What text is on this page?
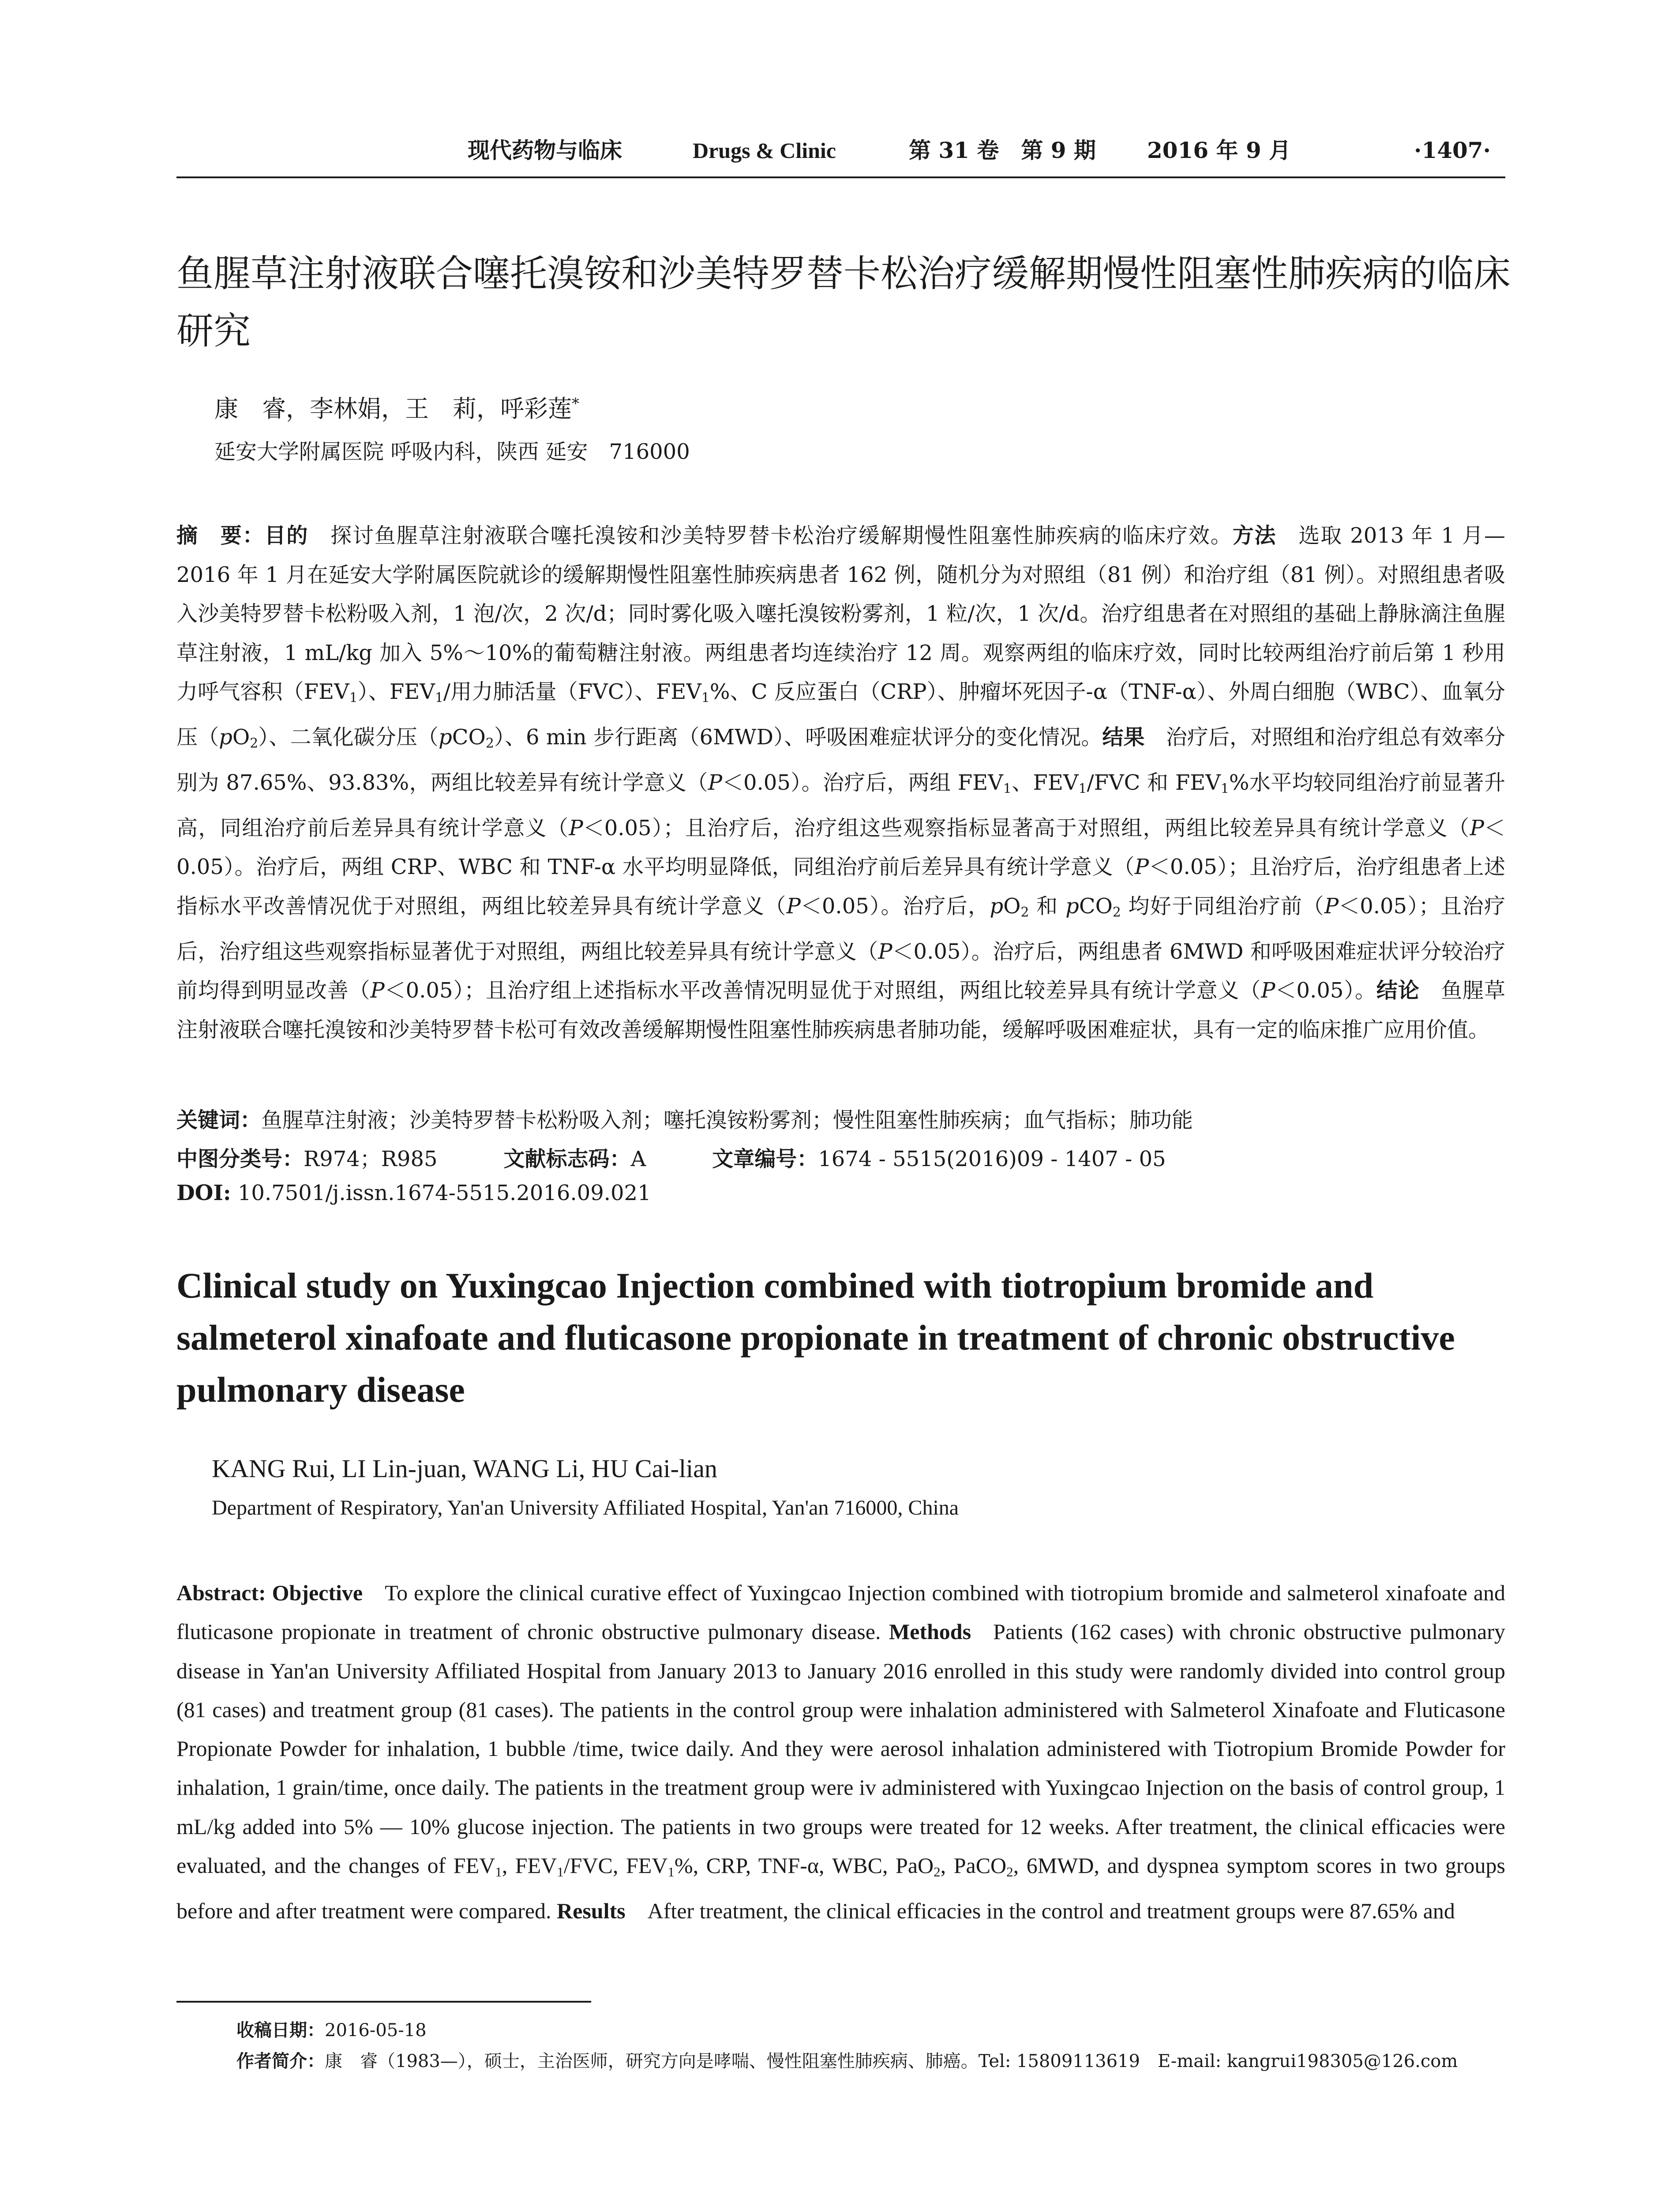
现代药物与临床	Drugs & Clinic	第 31 卷　第 9 期 2016 年 9 月	·1407·
鱼腥草注射液联合噻托溴铵和沙美特罗替卡松治疗缓解期慢性阻塞性肺疾病的临床研究
康　睿，李林娟，王　莉，呼彩莲*
延安大学附属医院 呼吸内科，陕西 延安　716000

摘　要：目的　 探讨鱼腥草注射液联合噻托溴铵和沙美特罗替卡松治疗缓解期慢性阻塞性肺疾病的临床疗效。方法　 选取 2013 年 1 月—2016 年 1 月在延安大学附属医院就诊的缓解期慢性阻塞性肺疾病患者 162 例，随机分为对照组（81 例）和治疗组（81 例）。对照组患者吸入沙美特罗替卡松粉吸入剂，1 泡/次，2 次/d；同时雾化吸入噻托溴铵粉雾剂，1 粒/次，1 次/d。治疗组患者在对照组的基础上静脉滴注鱼腥草注射液，1 mL/kg 加入 5%～10%的葡萄糖注射液。两组患者均连续治疗 12 周。观察两组的临床疗效，同时比较两组治疗前后第 1 秒用力呼气容积$(FEV_1)$、$FEV_1/$用力肺活量（FVC）、$FEV_1\%$、C 反应蛋白（CRP）、肿瘤坏死因子-α（TNF-α）、外周白细胞（WBC）、血氧分压$(pO_2)$、二氧化碳分压（pCO$_2$）、6 min 步行距离（6MWD）、呼吸困难症状评分的变化情况。结果　 治疗后，对照组和治疗组总有效率分别为 87.65%、93.83%，两组比较差异有统计学意义（P＜0.05）。治疗后，两组 $FEV_1$、$FEV_1$/FVC 和 $FEV_1\%$水平均较同组治疗前显著升高，同组治疗前后差异具有统计学意义（P＜0.05）；且治疗后，治疗组这些观察指标显著高于对照组，两组比较差异具有统计学意义（P＜0.05）。治疗后，两组 CRP、WBC 和 TNF-α 水平均明显降低，同组治疗前后差异具有统计学意义（P＜0.05）；且治疗后，治疗组患者上述指标水平改善情况优于对照组，两组比较差异具有统计学意义（P＜0.05）。治疗后，$pO_2$ 和 pCO$_2$ 均好于同组治疗前（P＜0.05）；且治疗后，治疗组这些观察指标显著优于对照组，两组比较差异具有统计学意义（P＜0.05）。治疗后，两组患者 6MWD 和呼吸困难症状评分较治疗前均得到明显改善（P＜0.05）；且治疗组上述指标水平改善情况明显优于对照组，两组比较差异具有统计学意义（P＜0.05）。结论　 鱼腥草注射液联合噻托溴铵和沙美特罗替卡松可有效改善缓解期慢性阻塞性肺疾病患者肺功能，缓解呼吸困难症状，具有一定的临床推广应用价值。

关键词：鱼腥草注射液；沙美特罗替卡松粉吸入剂；噻托溴铵粉雾剂；慢性阻塞性肺疾病；血气指标；肺功能
中图分类号：R974；R985	文献标志码：A	文章编号：1674 - 5515(2016)09 - 1407 - 05
DOI: 10.7501/j.issn.1674-5515.2016.09.021
Clinical study on Yuxingcao Injection combined with tiotropium bromide and salmeterol xinafoate and fluticasone propionate in treatment of chronic obstructive pulmonary disease
KANG Rui, LI Lin-juan, WANG Li, HU Cai-lian
Department of Respiratory, Yan'an University Affiliated Hospital, Yan'an 716000, China

Abstract: Objective  To explore the clinical curative effect of Yuxingcao Injection combined with tiotropium bromide and salmeterol xinafoate and fluticasone propionate in treatment of chronic obstructive pulmonary disease. Methods  Patients (162 cases) with chronic obstructive pulmonary disease in Yan'an University Affiliated Hospital from January 2013 to January 2016 enrolled in this study were randomly divided into control group (81 cases) and treatment group (81 cases). The patients in the control group were inhalation administered with Salmeterol Xinafoate and Fluticasone Propionate Powder for inhalation, 1 bubble /time, twice daily. And they were aerosol inhalation administered with Tiotropium Bromide Powder for inhalation, 1 grain/time, once daily. The patients in the treatment group were iv administered with Yuxingcao Injection on the basis of control group, 1 mL/kg added into 5% — 10% glucose injection. The patients in two groups were treated for 12 weeks. After treatment, the clinical efficacies were evaluated, and the changes of $FEV_1$, $FEV_1$/FVC, $FEV_1\%$, CRP, TNF-α, WBC, PaO$_2$, PaCO$_2$, 6MWD, and dyspnea symptom scores in two groups before and after treatment were compared. Results  After treatment, the clinical efficacies in the control and treatment groups were 87.65% and

收稿日期：2016-05-18
作者简介：康　睿（1983—），硕士，主治医师，研究方向是哮喘、慢性阻塞性肺疾病、肺癌。Tel: 15809113619　E-mail: kangrui198305@126.com
